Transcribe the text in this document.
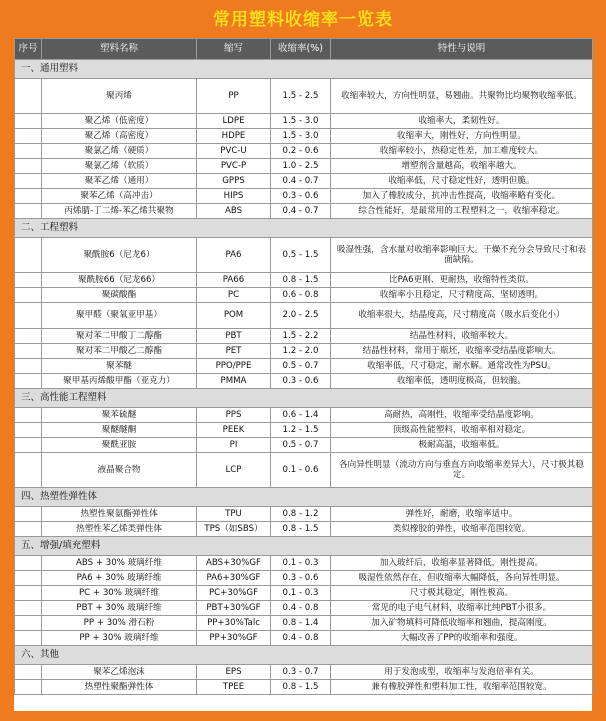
常用塑料收缩率一览表
序号	塑料名称	缩写	收缩率(%)	特性与说明
一、通用塑料				
	聚丙烯	PP	1.5 - 2.5	收缩率较大，方向性明显，易翘曲。共聚物比均聚物收缩率低。
	聚乙烯（低密度）	LDPE	1.5 - 3.0	收缩率大，柔韧性好。
	聚乙烯（高密度）	HDPE	1.5 - 3.0	收缩率大，刚性好，方向性明显。
	聚氯乙烯（硬质）	PVC-U	0.2 - 0.6	收缩率较小，热稳定性差，加工难度较大。
	聚氯乙烯（软质）	PVC-P	1.0 - 2.5	增塑剂含量越高，收缩率越大。
	聚苯乙烯（通用）	GPPS	0.4 - 0.7	收缩率低，尺寸稳定性好，透明但脆。
	聚苯乙烯（高冲击）	HIPS	0.3 - 0.6	加入了橡胶成分，抗冲击性提高，收缩率略有变化。
	丙烯腈-丁二烯-苯乙烯共聚物	ABS	0.4 - 0.7	综合性能好，是最常用的工程塑料之一，收缩率稳定。
二、工程塑料				
	聚酰胺6（尼龙6）	PA6	0.5 - 1.5	吸湿性强，含水量对收缩率影响巨大。干燥不充分会导致尺寸和表面缺陷。
	聚酰胺66（尼龙66）	PA66	0.8 - 1.5	比PA6更刚、更耐热，收缩特性类似。
	聚碳酸酯	PC	0.6 - 0.8	收缩率小且稳定，尺寸精度高，坚韧透明。
	聚甲醛（聚氧亚甲基）	POM	2.0 - 2.5	收缩率很大，结晶度高，尺寸精度高（吸水后变化小）
	聚对苯二甲酸丁二醇酯	PBT	1.5 - 2.2	结晶性材料，收缩率较大。
	聚对苯二甲酸乙二醇酯	PET	1.2 - 2.0	结晶性材料，常用于瓶坯，收缩率受结晶度影响大。
	聚苯醚	PPO/PPE	0.5 - 0.7	收缩率低，尺寸稳定，耐水解。通常改性为PSU。
	聚甲基丙烯酸甲酯（亚克力）	PMMA	0.3 - 0.6	收缩率低，透明度极高，但较脆。
三、高性能工程塑料				
	聚苯硫醚	PPS	0.6 - 1.4	高耐热，高刚性，收缩率受结晶度影响。
	聚醚醚酮	PEEK	1.2 - 1.5	顶级高性能塑料，收缩率相对稳定。
	聚酰亚胺	PI	0.5 - 0.7	极耐高温，收缩率低。
	液晶聚合物	LCP	0.1 - 0.6	各向异性明显（流动方向与垂直方向收缩率差异大），尺寸极其稳定。
四、热塑性弹性体				
	热塑性聚氨酯弹性体	TPU	0.8 - 1.2	弹性好，耐磨，收缩率适中。
	热塑性苯乙烯类弹性体	TPS（如SBS）	0.8 - 1.5	类似橡胶的弹性，收缩率范围较宽。
五、增强/填充塑料				
	ABS + 30% 玻璃纤维	ABS+30%GF	0.1 - 0.3	加入玻纤后，收缩率显著降低，刚性提高。
	PA6 + 30% 玻璃纤维	PA6+30%GF	0.3 - 0.6	吸湿性依然存在，但收缩率大幅降低，各向异性明显。
	PC + 30% 玻璃纤维	PC+30%GF	0.1 - 0.3	尺寸极其稳定，刚性极高。
	PBT + 30% 玻璃纤维	PBT+30%GF	0.4 - 0.8	常见的电子电气材料，收缩率比纯PBT小很多。
	PP + 30% 滑石粉	PP+30%Talc	0.8 - 1.4	加入矿物填料可降低收缩率和翘曲，提高刚度。
	PP + 30% 玻璃纤维	PP+30%GF	0.4 - 0.8	大幅改善了PP的收缩率和强度。
六、其他				
	聚苯乙烯泡沫	EPS	0.3 - 0.7	用于发泡成型，收缩率与发泡倍率有关。
	热塑性聚酯弹性体	TPEE	0.8 - 1.5	兼有橡胶弹性和塑料加工性，收缩率范围较宽。
